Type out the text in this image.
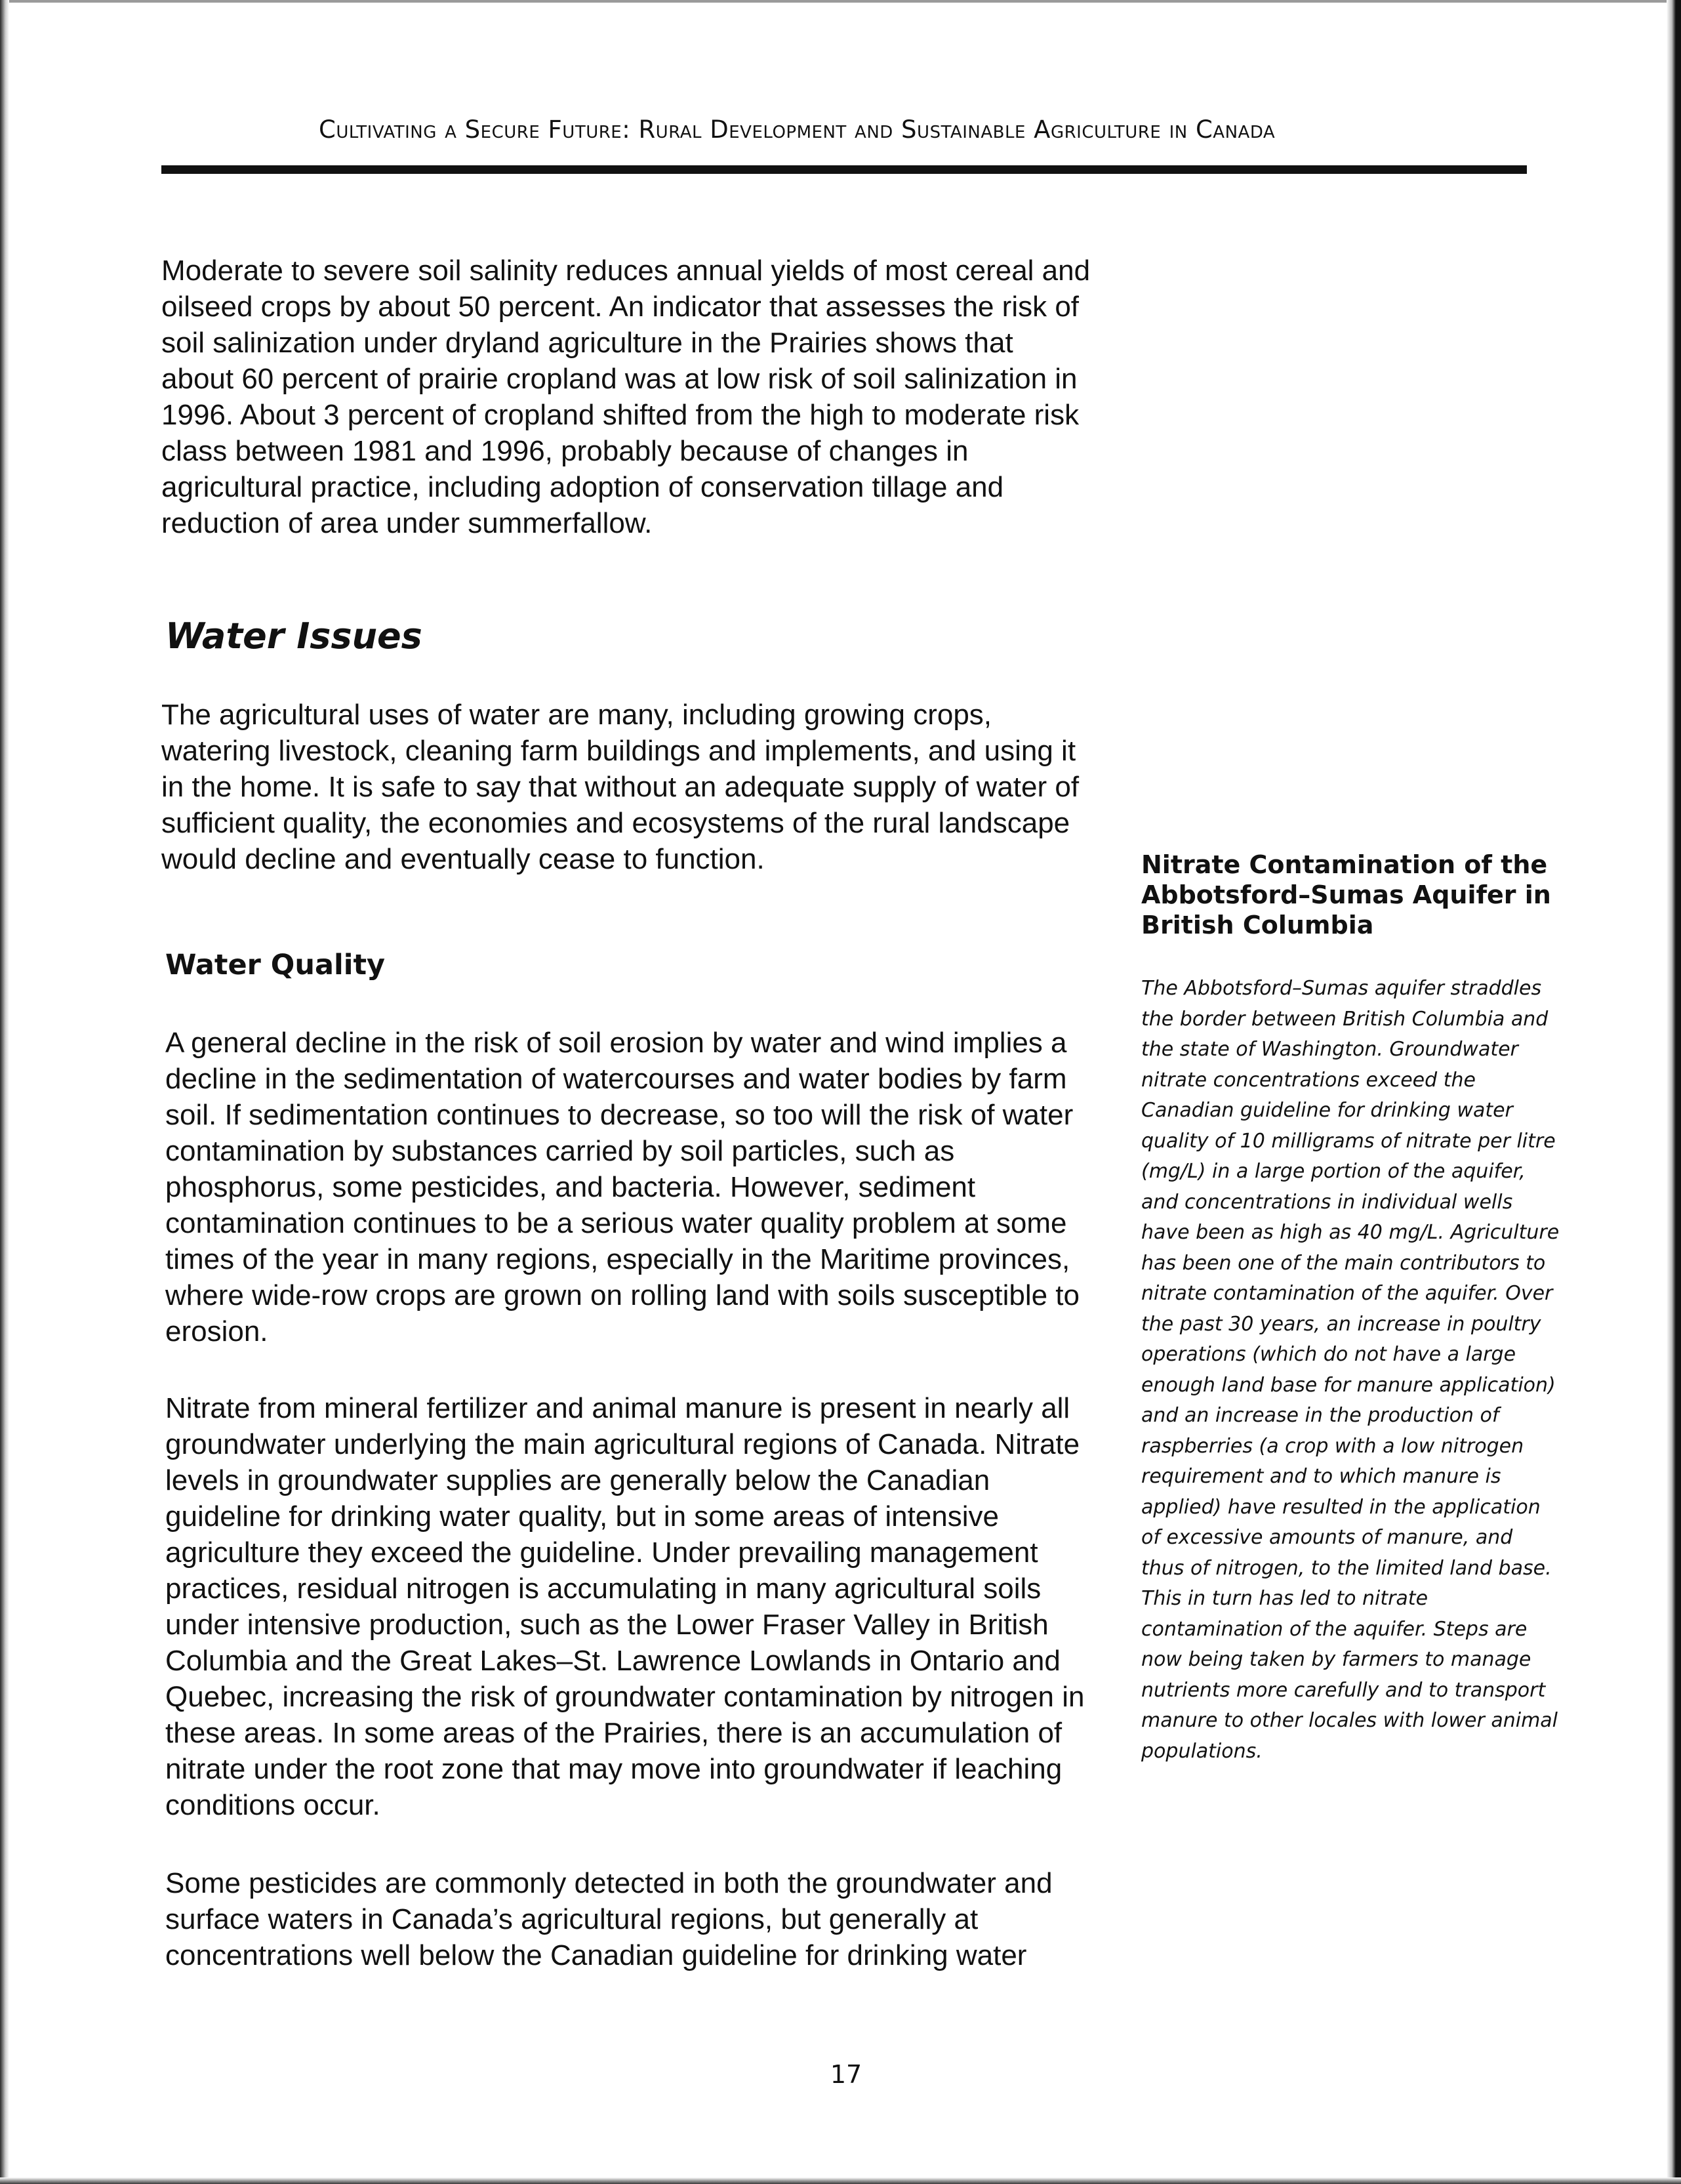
Cultivating a Secure Future: Rural Development and Sustainable Agriculture in Canada

Moderate to severe soil salinity reduces annual yields of most cereal and oilseed crops by about 50 percent. An indicator that assesses the risk of soil salinization under dryland agriculture in the Prairies shows that about 60 percent of prairie cropland was at low risk of soil salinization in 1996. About 3 percent of cropland shifted from the high to moderate risk class between 1981 and 1996, probably because of changes in agricultural practice, including adoption of conservation tillage and reduction of area under summerfallow.

Water Issues

The agricultural uses of water are many, including growing crops, watering livestock, cleaning farm buildings and implements, and using it in the home. It is safe to say that without an adequate supply of water of sufficient quality, the economies and ecosystems of the rural landscape would decline and eventually cease to function.

Water Quality

A general decline in the risk of soil erosion by water and wind implies a decline in the sedimentation of watercourses and water bodies by farm soil. If sedimentation continues to decrease, so too will the risk of water contamination by substances carried by soil particles, such as phosphorus, some pesticides, and bacteria. However, sediment contamination continues to be a serious water quality problem at some times of the year in many regions, especially in the Maritime provinces, where wide-row crops are grown on rolling land with soils susceptible to erosion.

Nitrate from mineral fertilizer and animal manure is present in nearly all groundwater underlying the main agricultural regions of Canada. Nitrate levels in groundwater supplies are generally below the Canadian guideline for drinking water quality, but in some areas of intensive agriculture they exceed the guideline. Under prevailing management practices, residual nitrogen is accumulating in many agricultural soils under intensive production, such as the Lower Fraser Valley in British Columbia and the Great Lakes–St. Lawrence Lowlands in Ontario and Quebec, increasing the risk of groundwater contamination by nitrogen in these areas. In some areas of the Prairies, there is an accumulation of nitrate under the root zone that may move into groundwater if leaching conditions occur.

Some pesticides are commonly detected in both the groundwater and surface waters in Canada’s agricultural regions, but generally at concentrations well below the Canadian guideline for drinking water

Nitrate Contamination of the Abbotsford–Sumas Aquifer in British Columbia

The Abbotsford–Sumas aquifer straddles the border between British Columbia and the state of Washington. Groundwater nitrate concentrations exceed the Canadian guideline for drinking water quality of 10 milligrams of nitrate per litre (mg/L) in a large portion of the aquifer, and concentrations in individual wells have been as high as 40 mg/L. Agriculture has been one of the main contributors to nitrate contamination of the aquifer. Over the past 30 years, an increase in poultry operations (which do not have a large enough land base for manure application) and an increase in the production of raspberries (a crop with a low nitrogen requirement and to which manure is applied) have resulted in the application of excessive amounts of manure, and thus of nitrogen, to the limited land base. This in turn has led to nitrate contamination of the aquifer. Steps are now being taken by farmers to manage nutrients more carefully and to transport manure to other locales with lower animal populations.

17
